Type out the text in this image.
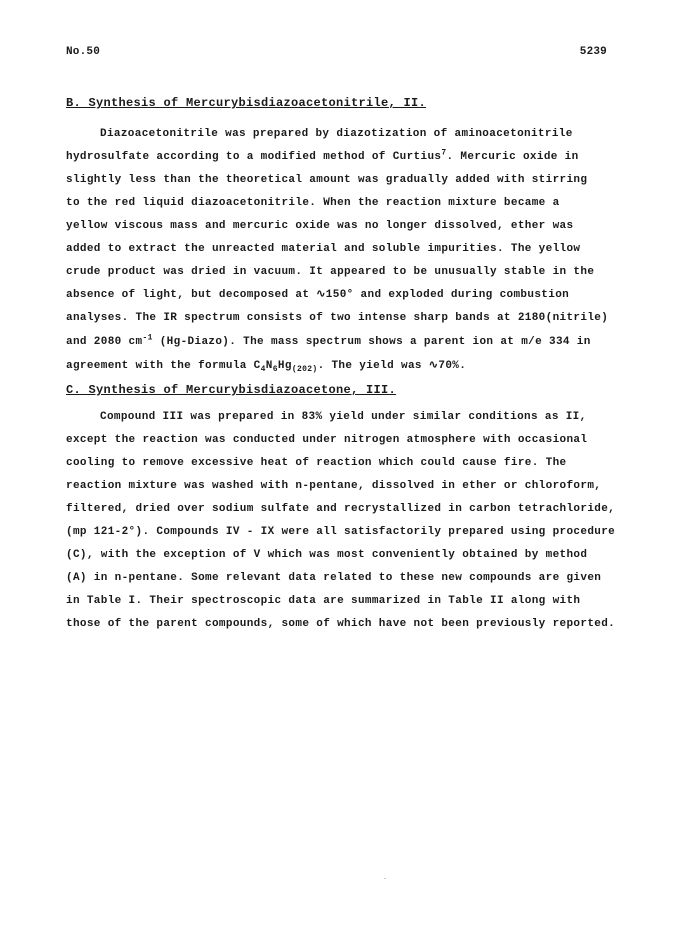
No.50	5239
B. Synthesis of Mercurybisdiazoacetonitrile, II.
Diazoacetonitrile was prepared by diazotization of aminoacetonitrile
hydrosulfate according to a modified method of Curtius$^7$. Mercuric oxide in
slightly less than the theoretical amount was gradually added with stirring
to the red liquid diazoacetonitrile. When the reaction mixture became a
yellow viscous mass and mercuric oxide was no longer dissolved, ether was
added to extract the unreacted material and soluble impurities. The yellow
crude product was dried in vacuum. It appeared to be unusually stable in the
absence of light, but decomposed at ∿150° and exploded during combustion
analyses. The IR spectrum consists of two intense sharp bands at 2180(nitrile)
and 2080 $cm^{-1}$ (Hg-Diazo). The mass spectrum shows a parent ion at m/e 334 in
agreement with the formula $C_4N_6Hg_{(202)}$. The yield was ∿70%.
C. Synthesis of Mercurybisdiazoacetone, III.
Compound III was prepared in 83% yield under similar conditions as II,
except the reaction was conducted under nitrogen atmosphere with occasional
cooling to remove excessive heat of reaction which could cause fire. The
reaction mixture was washed with n-pentane, dissolved in ether or chloroform,
filtered, dried over sodium sulfate and recrystallized in carbon tetrachloride,
(mp 121-2°). Compounds IV - IX were all satisfactorily prepared using procedure
(C), with the exception of V which was most conveniently obtained by method
(A) in n-pentane. Some relevant data related to these new compounds are given
in Table I. Their spectroscopic data are summarized in Table II along with
those of the parent compounds, some of which have not been previously reported.
